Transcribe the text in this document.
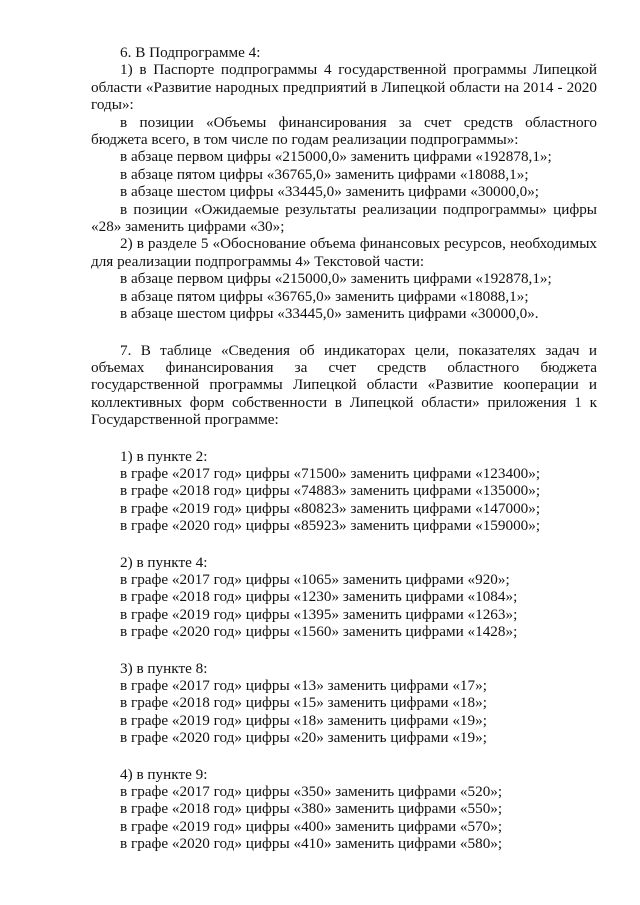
6. В Подпрограмме 4:

1) в Паспорте подпрограммы 4 государственной программы Липецкой области «Развитие народных предприятий в Липецкой области на 2014 - 2020 годы»:

в позиции «Объемы финансирования за счет средств областного бюджета всего, в том числе по годам реализации подпрограммы»:

в абзаце первом цифры «215000,0» заменить цифрами «192878,1»;

в абзаце пятом цифры «36765,0» заменить цифрами «18088,1»;

в абзаце шестом цифры «33445,0» заменить цифрами «30000,0»;

в позиции «Ожидаемые результаты реализации подпрограммы» цифры «28» заменить цифрами «30»;

2) в разделе 5 «Обоснование объема финансовых ресурсов, необходимых для реализации подпрограммы 4» Текстовой части:

в абзаце первом цифры «215000,0» заменить цифрами «192878,1»;

в абзаце пятом цифры «36765,0» заменить цифрами «18088,1»;

в абзаце шестом цифры «33445,0» заменить цифрами «30000,0».

7. В таблице «Сведения об индикаторах цели, показателях задач и объемах финансирования за счет средств областного бюджета государственной программы Липецкой области «Развитие кооперации и коллективных форм собственности в Липецкой области» приложения 1 к Государственной программе:

1) в пункте 2:

в графе «2017 год» цифры «71500» заменить цифрами «123400»;

в графе «2018 год» цифры «74883» заменить цифрами «135000»;

в графе «2019 год» цифры «80823» заменить цифрами «147000»;

в графе «2020 год» цифры «85923» заменить цифрами «159000»;

2) в пункте 4:

в графе «2017 год» цифры «1065» заменить цифрами «920»;

в графе «2018 год» цифры «1230» заменить цифрами «1084»;

в графе «2019 год» цифры «1395» заменить цифрами «1263»;

в графе «2020 год» цифры «1560» заменить цифрами «1428»;

3) в пункте 8:

в графе «2017 год» цифры «13» заменить цифрами «17»;

в графе «2018 год» цифры «15» заменить цифрами «18»;

в графе «2019 год» цифры «18» заменить цифрами «19»;

в графе «2020 год» цифры «20» заменить цифрами «19»;

4) в пункте 9:

в графе «2017 год» цифры «350» заменить цифрами «520»;

в графе «2018 год» цифры «380» заменить цифрами «550»;

в графе «2019 год» цифры «400» заменить цифрами «570»;

в графе «2020 год» цифры «410» заменить цифрами «580»;
